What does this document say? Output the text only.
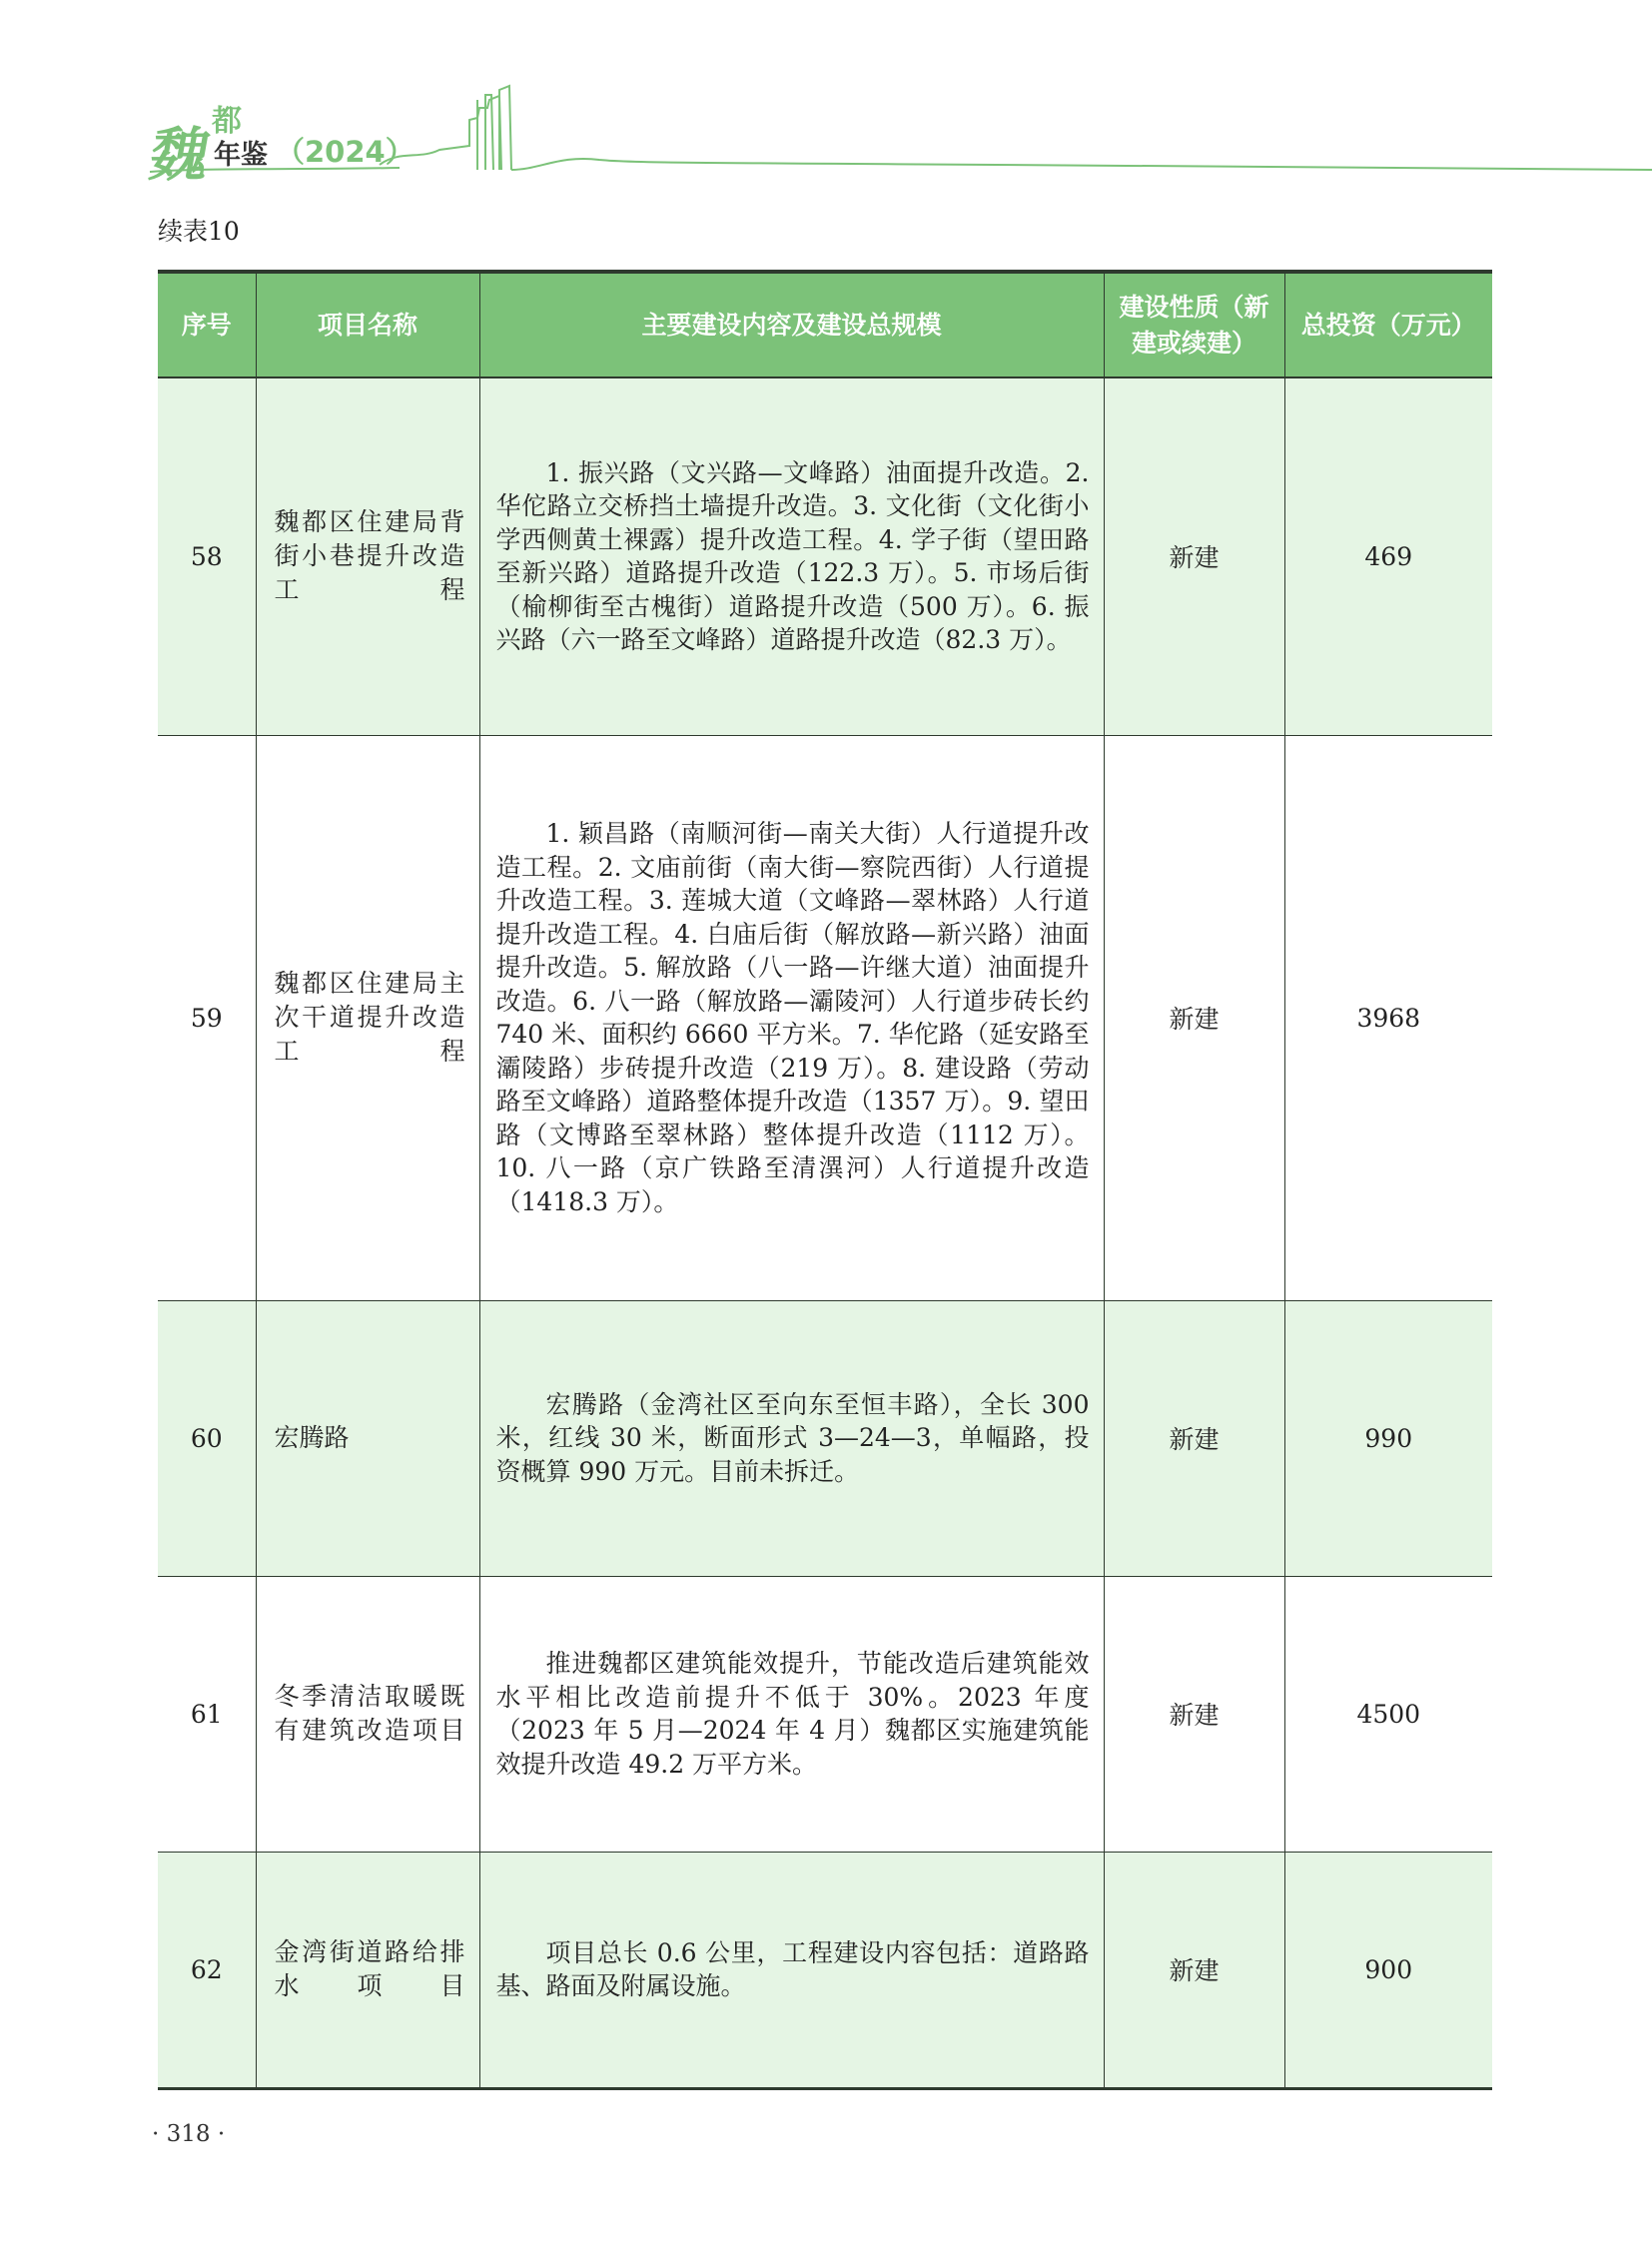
魏
都
年鉴 （2024）
续表10
序号	项目名称	主要建设内容及建设总规模	建设性质（新建或续建）	总投资（万元）
58	魏都区住建局背街小巷提升改造工程	1. 振兴路（文兴路—文峰路）油面提升改造。2. 华佗路立交桥挡土墙提升改造。3. 文化街（文化街小学西侧黄土裸露）提升改造工程。4. 学子街（望田路至新兴路）道路提升改造（122.3 万）。5. 市场后街（榆柳街至古槐街）道路提升改造（500 万）。6. 振兴路（六一路至文峰路）道路提升改造（82.3 万）。	新建	469
59	魏都区住建局主次干道提升改造工程	1. 颖昌路（南顺河街—南关大街）人行道提升改造工程。2. 文庙前街（南大街—察院西街）人行道提升改造工程。3. 莲城大道（文峰路—翠林路）人行道提升改造工程。4. 白庙后街（解放路—新兴路）油面提升改造。5. 解放路（八一路—许继大道）油面提升改造。6. 八一路（解放路—灞陵河）人行道步砖长约 740 米、面积约 6660 平方米。7. 华佗路（延安路至灞陵路）步砖提升改造（219 万）。8. 建设路（劳动路至文峰路）道路整体提升改造（1357 万）。9. 望田路（文博路至翠林路）整体提升改造（1112 万）。10. 八一路（京广铁路至清潩河）人行道提升改造（1418.3 万）。	新建	3968
60	宏腾路	宏腾路（金湾社区至向东至恒丰路），全长 300 米，红线 30 米，断面形式 3—24—3，单幅路，投资概算 990 万元。目前未拆迁。	新建	990
61	冬季清洁取暖既有建筑改造项目	推进魏都区建筑能效提升，节能改造后建筑能效水平相比改造前提升不低于 30%。2023 年度（2023 年 5 月—2024 年 4 月）魏都区实施建筑能效提升改造 49.2 万平方米。	新建	4500
62	金湾街道路给排水项目	项目总长 0.6 公里，工程建设内容包括：道路路基、路面及附属设施。	新建	900
· 318 ·
